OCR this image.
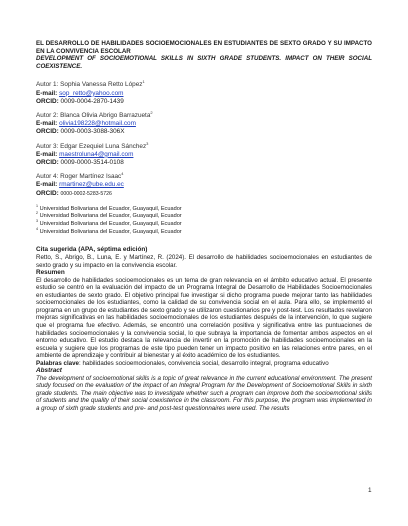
EL DESARROLLO DE HABILIDADES SOCIOEMOCIONALES EN ESTUDIANTES DE SEXTO GRADO Y SU IMPACTO EN LA CONVIVENCIA ESCOLAR
DEVELOPMENT OF SOCIOEMOTIONAL SKILLS IN SIXTH GRADE STUDENTS. IMPACT ON THEIR SOCIAL COEXISTENCE.
Autor 1: Sophia Vanessa Retto López$^1$
E-mail: sop_retto@yahoo.com
ORCID: 0009-0004-2870-1439
Autor 2: Blanca Olivia Abrigo Barrazueta$^2$
E-mail: olivia198228@hotmail.com
ORCID: 0009-0003-3088-306X
Autor 3: Edgar Ezequiel Luna Sánchez$^3$
E-mail: maestroluna4@gmail.com
ORCID: 0009-0000-3514-0108
Autor 4: Roger Martínez Isaac$^4$
E-mail: rmartinez@ube.edu.ec
ORCID: 0000-0002-5283-5726
$^1$ Universidad Bolivariana del Ecuador, Guayaquil, Ecuador
$^2$ Universidad Bolivariana del Ecuador, Guayaquil, Ecuador
$^3$ Universidad Bolivariana del Ecuador, Guayaquil, Ecuador
$^4$ Universidad Bolivariana del Ecuador, Guayaquil, Ecuador
Cita sugerida (APA, séptima edición)
Retto, S., Abrigo, B., Luna, E. y Martínez, R. (2024). El desarrollo de habilidades socioemocionales en estudiantes de sexto grado y su impacto en la convivencia escolar.
Resumen
El desarrollo de habilidades socioemocionales es un tema de gran relevancia en el ámbito educativo actual. El presente estudio se centró en la evaluación del impacto de un Programa Integral de Desarrollo de Habilidades Socioemocionales en estudiantes de sexto grado. El objetivo principal fue investigar si dicho programa puede mejorar tanto las habilidades socioemocionales de los estudiantes, como la calidad de su convivencia social en el aula. Para ello, se implementó el programa en un grupo de estudiantes de sexto grado y se utilizaron cuestionarios pre y post-test. Los resultados revelaron mejoras significativas en las habilidades socioemocionales de los estudiantes después de la intervención, lo que sugiere que el programa fue efectivo. Además, se encontró una correlación positiva y significativa entre las puntuaciones de habilidades socioemocionales y la convivencia social, lo que subraya la importancia de fomentar ambos aspectos en el entorno educativo. El estudio destaca la relevancia de invertir en la promoción de habilidades socioemocionales en la escuela y sugiere que los programas de este tipo pueden tener un impacto positivo en las relaciones entre pares, en el ambiente de aprendizaje y contribuir al bienestar y al éxito académico de los estudiantes.
Palabras clave: habilidades socioemocionales, convivencia social, desarrollo integral, programa educativo
Abstract
The development of socioemotional skills is a topic of great relevance in the current educational environment. The present study focused on the evaluation of the impact of an Integral Program for the Development of Socioemotional Skills in sixth grade students. The main objective was to investigate whether such a program can improve both the socioemotional skills of students and the quality of their social coexistence in the classroom. For this purpose, the program was implemented in a group of sixth grade students and pre- and post-test questionnaires were used. The results
1
